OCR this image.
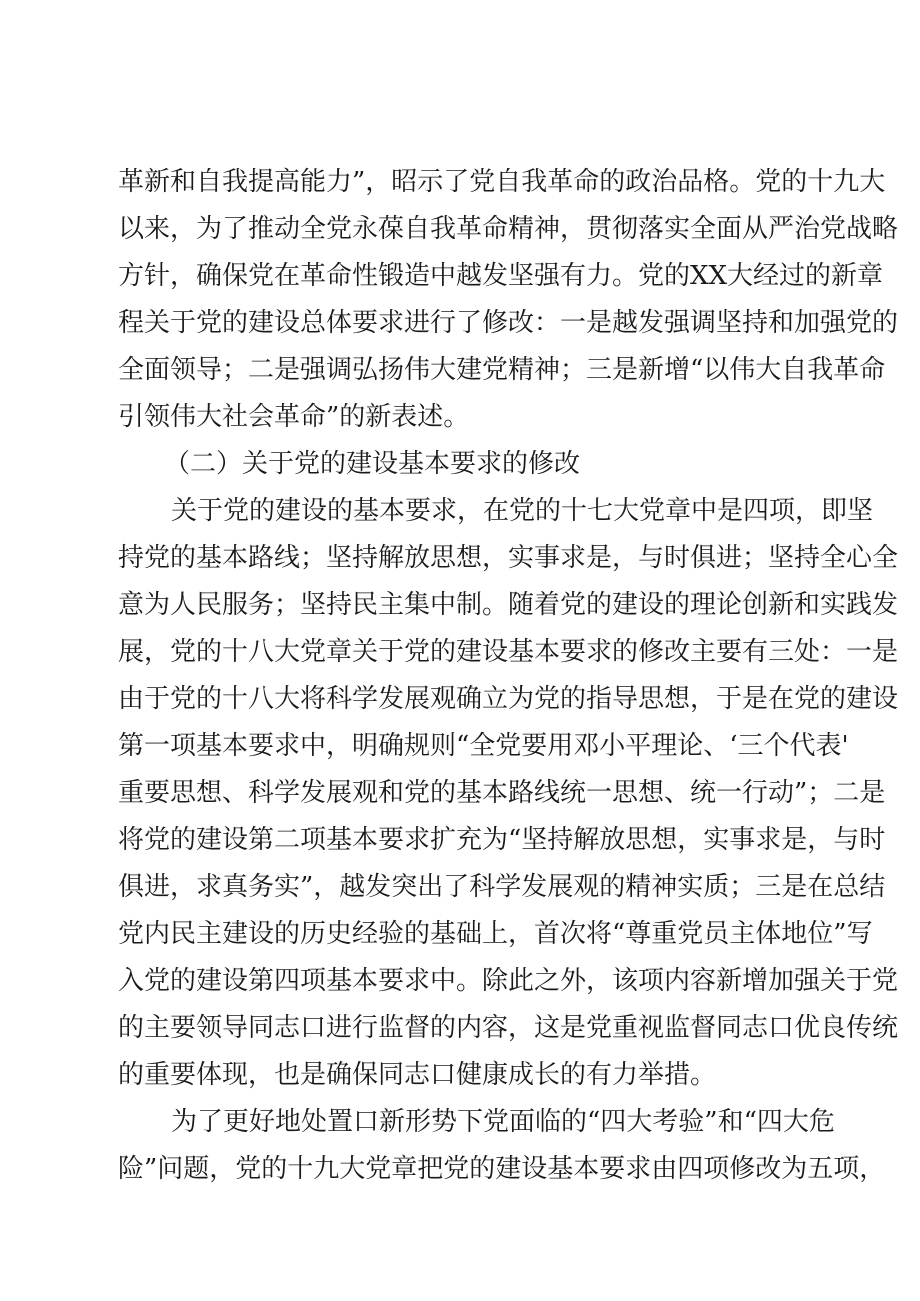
革新和自我提高能力”，昭示了党自我革命的政治品格。党的十九大
以来，为了推动全党永葆自我革命精神，贯彻落实全面从严治党战略
方针，确保党在革命性锻造中越发坚强有力。党的XX大经过的新章
程关于党的建设总体要求进行了修改：一是越发强调坚持和加强党的
全面领导；二是强调弘扬伟大建党精神；三是新增“以伟大自我革命
引领伟大社会革命”的新表述。
（二）关于党的建设基本要求的修改
关于党的建设的基本要求，在党的十七大党章中是四项，即坚
持党的基本路线；坚持解放思想，实事求是，与时俱进；坚持全心全
意为人民服务；坚持民主集中制。随着党的建设的理论创新和实践发
展，党的十八大党章关于党的建设基本要求的修改主要有三处：一是
由于党的十八大将科学发展观确立为党的指导思想，于是在党的建设
第一项基本要求中，明确规则“全党要用邓小平理论、‘三个代表'
重要思想、科学发展观和党的基本路线统一思想、统一行动”；二是
将党的建设第二项基本要求扩充为“坚持解放思想，实事求是，与时
俱进，求真务实”，越发突出了科学发展观的精神实质；三是在总结
党内民主建设的历史经验的基础上，首次将“尊重党员主体地位”写
入党的建设第四项基本要求中。除此之外，该项内容新增加强关于党
的主要领导同志口进行监督的内容，这是党重视监督同志口优良传统
的重要体现，也是确保同志口健康成长的有力举措。
为了更好地处置口新形势下党面临的“四大考验”和“四大危
险”问题，党的十九大党章把党的建设基本要求由四项修改为五项，
